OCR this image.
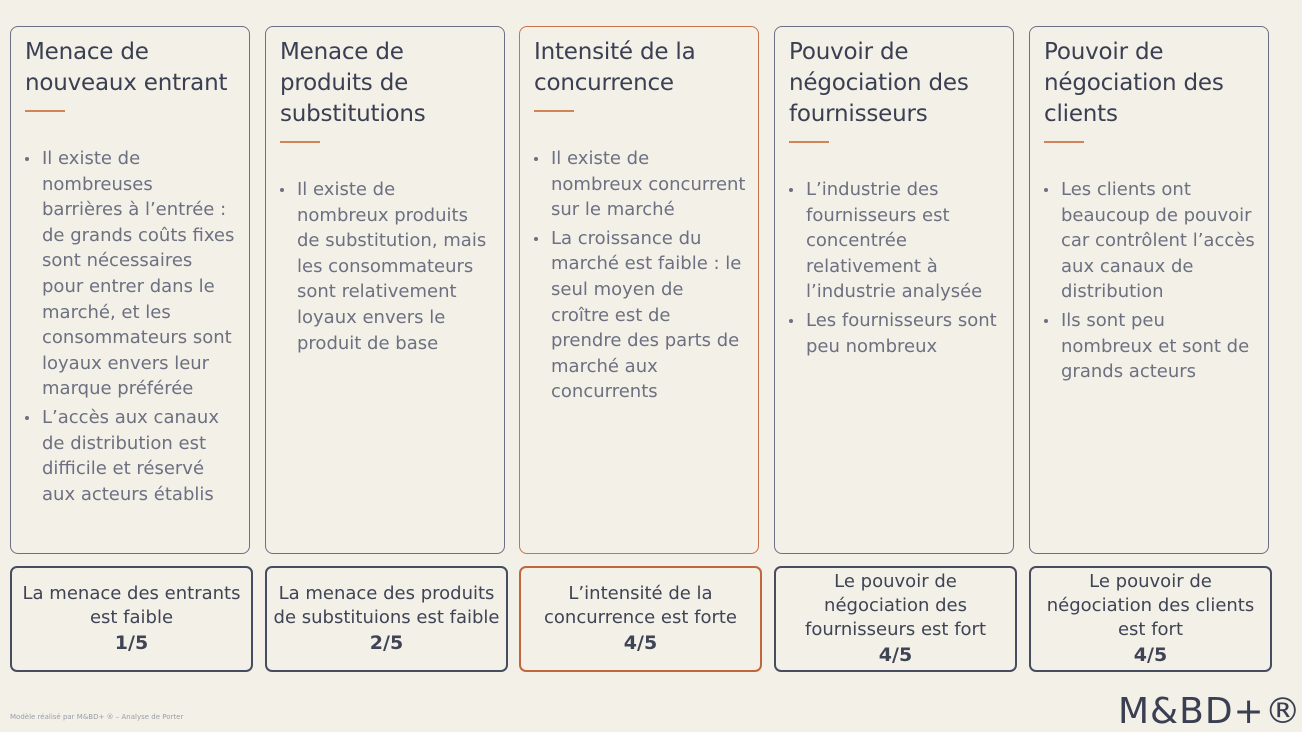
Menace de nouveaux entrant
Il existe de nombreuses barrières à l’entrée : de grands coûts fixes sont nécessaires pour entrer dans le marché, et les consommateurs sont loyaux envers leur marque préférée
L’accès aux canaux de distribution est difficile et réservé aux acteurs établis
La menace des entrants est faible
1/5
Menace de produits de substitutions
Il existe de nombreux produits de substitution, mais les consommateurs sont relativement loyaux envers le produit de base
La menace des produits de substituions est faible
2/5
Intensité de la concurrence
Il existe de nombreux concurrent sur le marché
La croissance du marché est faible : le seul moyen de croître est de prendre des parts de marché aux concurrents
L’intensité de la concurrence est forte
4/5
Pouvoir de négociation des fournisseurs
L’industrie des fournisseurs est concentrée relativement à l’industrie analysée
Les fournisseurs sont peu nombreux
Le pouvoir de négociation des fournisseurs est fort
4/5
Pouvoir de négociation des clients
Les clients ont beaucoup de pouvoir car contrôlent l’accès aux canaux de distribution
Ils sont peu nombreux et sont de grands acteurs
Le pouvoir de négociation des clients est fort
4/5
Modèle réalisé par M&BD+ ® – Analyse de Porter	M&BD+®
